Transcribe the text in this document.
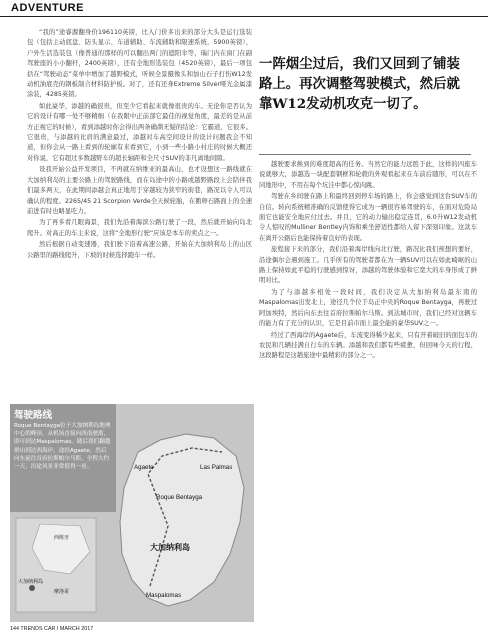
ADVENTURE

“我的”途睿源翻身价196110英镑，比入门价多出来的部分大头是运行选装包（包括主动底盘、防头显示、车道辅助、车流辅助和限速系统，5900英镑），户外生活选装包（像普通的那样的可以翻出两门的遮阳伞等，瑞门内在窗门在副驾驶座的小小翻杆，2400英镑），还有全地形选装包（4520英镑），最后一项包括在“驾驶动态”菜单中增加了越野模式，听候全景摄像头和加山石子打伤W12发动机油底壳的钢板制合材料防护板。对了，还有还身Extreme Silver哑光金属漆涂装，4285英镑。

如此豪华，添越的确很贵，但至少它看起来就像很贵的车。无论你是否认为它的设计有哪一处不够精细（在我眼中正前部它最佳的视觉角度，最差的是从前方正视它的时候），看到添越时你会得出两条确凿无疑的结论：它霸道，它很多。它很贵，与添越的比肩的满意最过，添越对车高空间设计的设计问题我会不知道，但你会从一路上看到的轮廓有来看到它，小到一些小路小村庄的时候大概还对你说，它有超过多数越野车的超长轴距和全尺寸SUV的非凡离地间隙。

设我开始公益开发项目，不再就在纳维亚的最高山，也才设想这一路线就在大加纳利岛的主要公路上的驾驶路线，而在岛途中的小路或越野路段上会陪伴我们最多两天，在此期间添越会真正地用于穿越较为狭窄的街巷，路况以令人可以确认的程度。2265/45 21 Scorpion Verde全天候轮胎，在鹅卵石路面上的全速前进有时也略显吃力。

为了再多看几眼海景，我们先沿着海滨公路行驶了一段，然后就开始向岛北爬升。对高正的车主来说，这将“全地形行驶”应该是本车的卖点之一。

然后根据自动变速器，我们驶下沿着高速公路，开始在大加纳利岛上的山区公路里的路线爬升，下坡的时候选择跑车一样。

一阵烟尘过后，我们又回到了铺装路上。再次调整驾驶模式，然后就靠W12发动机攻克一切了。

越驶要求换到的难度超高的任务。当然它的能力远胜于此，这样的四座车说就够大，添越选一块配套钢框和轮毂的外观看起来在车前后随形，可以在不同地形中，不用在每个坑洼中都心惊肉跳。

驾驶在乡间驶在路上和最终回到停车场的路上，你会感觉到这台SUV车的自信。转向系统精准确的反馈使得它成为一辆很容易驾驶的车，在面对危险局面它也能安全地应付过去。并且，它的动力输出稳定连贯，6.0升W12发动机令人惊叹的Mulliner Bentley内饰和乘坐舒适性都给人留下深刻印象。这款车在离开公路后也能保持着良好的表现。

旅程接下来的部分，我们沿着海岸线向北行驶，路况比我们预想的要好，沿途偶尔会遇到施工。几乎所有的驾驶者都在为一辆SUV可以在如此崎岖的山路上保持如此平稳的行驶感到惊讶，添越的驾驶体验和它宽大的车身形成了鲜明对比。

为了与添越多相处一段时间，我们决定从大加纳利岛最东南的Maspalomas出发北上，途径几个位于岛正中央的Roque Bentayga，再驶过阿加埃特，然后向东去往首府拉斯帕尔马斯。到达城市时，我们已经对这辆车的能力有了充分的认识，它是目前市面上最全能的豪华SUV之一。

经过了西海岸的Agaete后，车流变得稀少起来，只有开着破旧的面包车的农民和几辆挂满自行车的车辆。添越和我们都有些疲惫，但回味今天的行程，这段路程是这趟旅途中最精彩的部分之一。

驾驶路线
Roque Bentayga位于大加纳利岛地理中心的峰顶，从机场直接向西南驶离，即可到达Maspalomas。随后我们翻越群山到达西海岸，途经Agaete，然后向东前往首府拉斯帕尔马斯。全程大约一天，沿途风景非常值得一看。	Agaete	Las Palmas
Roque Bentayga
大加纳利岛
Maspalomas
西班牙
大加纳利岛
摩洛哥
144 TRENDS CAR I MARCH 2017
